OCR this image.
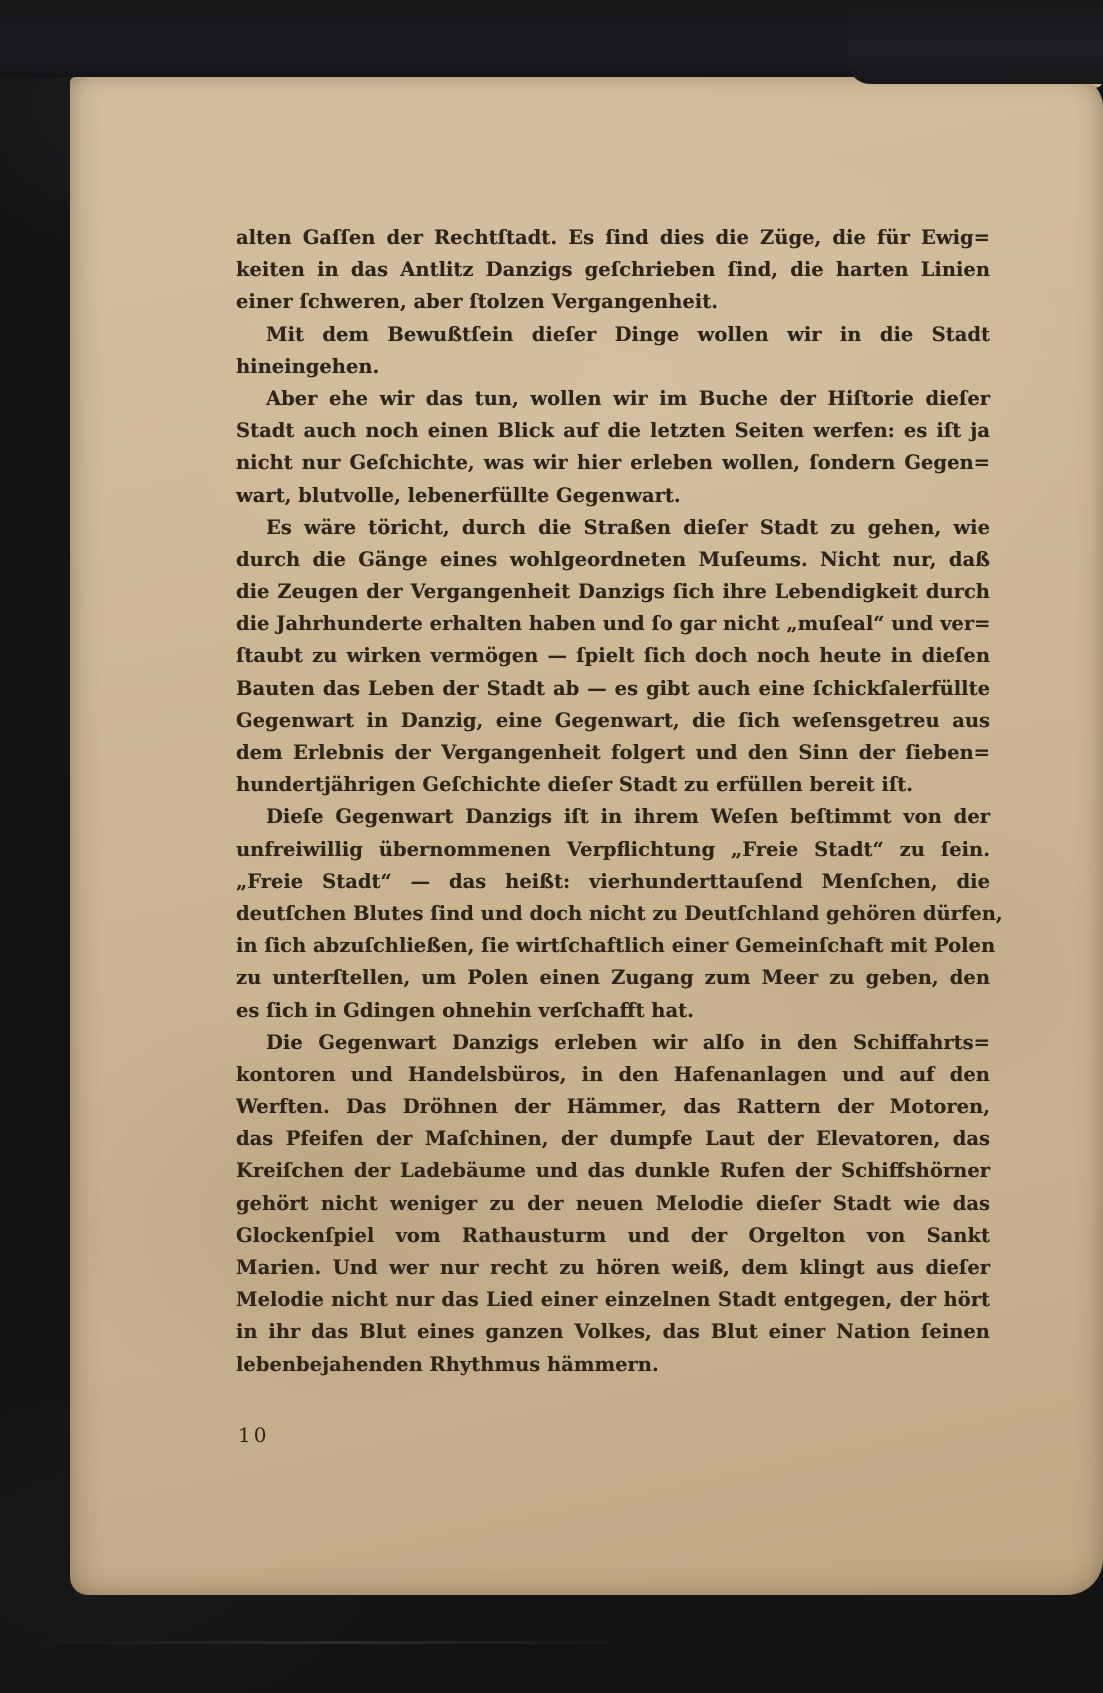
alten Gaſſen der Rechtſtadt. Es ſind dies die Züge, die für Ewig=
keiten in das Antlitz Danzigs geſchrieben ſind, die harten Linien
einer ſchweren, aber ſtolzen Vergangenheit.
Mit dem Bewußtſein dieſer Dinge wollen wir in die Stadt
hineingehen.
Aber ehe wir das tun, wollen wir im Buche der Hiſtorie dieſer
Stadt auch noch einen Blick auf die letzten Seiten werfen: es iſt ja
nicht nur Geſchichte, was wir hier erleben wollen, ſondern Gegen=
wart, blutvolle, lebenerfüllte Gegenwart.
Es wäre töricht, durch die Straßen dieſer Stadt zu gehen, wie
durch die Gänge eines wohlgeordneten Muſeums. Nicht nur, daß
die Zeugen der Vergangenheit Danzigs ſich ihre Lebendigkeit durch
die Jahrhunderte erhalten haben und ſo gar nicht „muſeal“ und ver=
ſtaubt zu wirken vermögen — ſpielt ſich doch noch heute in dieſen
Bauten das Leben der Stadt ab — es gibt auch eine ſchickſalerfüllte
Gegenwart in Danzig, eine Gegenwart, die ſich weſensgetreu aus
dem Erlebnis der Vergangenheit folgert und den Sinn der ſieben=
hundertjährigen Geſchichte dieſer Stadt zu erfüllen bereit iſt.
Dieſe Gegenwart Danzigs iſt in ihrem Weſen beſtimmt von der
unfreiwillig übernommenen Verpflichtung „Freie Stadt“ zu ſein.
„Freie Stadt“ — das heißt: vierhunderttauſend Menſchen, die
deutſchen Blutes ſind und doch nicht zu Deutſchland gehören dürfen,
in ſich abzuſchließen, ſie wirtſchaftlich einer Gemeinſchaft mit Polen
zu unterſtellen, um Polen einen Zugang zum Meer zu geben, den
es ſich in Gdingen ohnehin verſchafft hat.
Die Gegenwart Danzigs erleben wir alſo in den Schiffahrts=
kontoren und Handelsbüros, in den Hafenanlagen und auf den
Werften. Das Dröhnen der Hämmer, das Rattern der Motoren,
das Pfeifen der Maſchinen, der dumpfe Laut der Elevatoren, das
Kreiſchen der Ladebäume und das dunkle Rufen der Schiffshörner
gehört nicht weniger zu der neuen Melodie dieſer Stadt wie das
Glockenſpiel vom Rathausturm und der Orgelton von Sankt
Marien. Und wer nur recht zu hören weiß, dem klingt aus dieſer
Melodie nicht nur das Lied einer einzelnen Stadt entgegen, der hört
in ihr das Blut eines ganzen Volkes, das Blut einer Nation ſeinen
lebenbejahenden Rhythmus hämmern.
10
